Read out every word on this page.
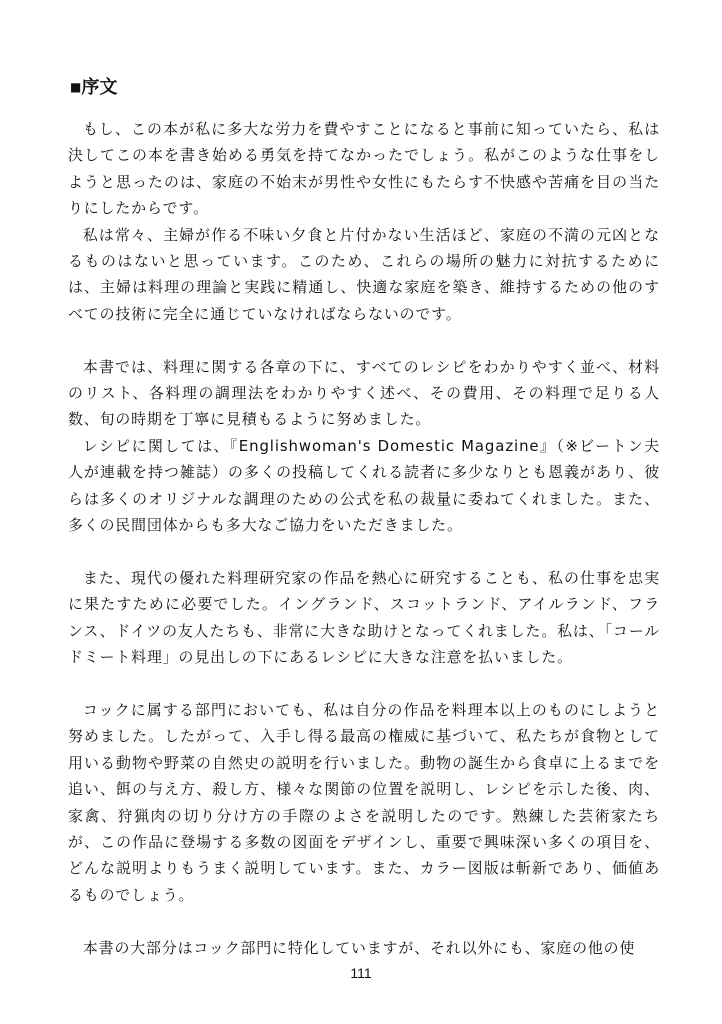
■序文

もし、この本が私に多大な労力を費やすことになると事前に知っていたら、私は決してこの本を書き始める勇気を持てなかったでしょう。私がこのような仕事をしようと思ったのは、家庭の不始末が男性や女性にもたらす不快感や苦痛を目の当たりにしたからです。

私は常々、主婦が作る不味い夕食と片付かない生活ほど、家庭の不満の元凶となるものはないと思っています。このため、これらの場所の魅力に対抗するためには、主婦は料理の理論と実践に精通し、快適な家庭を築き、維持するための他のすべての技術に完全に通じていなければならないのです。

本書では、料理に関する各章の下に、すべてのレシピをわかりやすく並べ、材料のリスト、各料理の調理法をわかりやすく述べ、その費用、その料理で足りる人数、旬の時期を丁寧に見積もるように努めました。

レシピに関しては、『Englishwoman's Domestic Magazine』（※ビートン夫人が連載を持つ雑誌）の多くの投稿してくれる読者に多少なりとも恩義があり、彼らは多くのオリジナルな調理のための公式を私の裁量に委ねてくれました。また、多くの民間団体からも多大なご協力をいただきました。

また、現代の優れた料理研究家の作品を熱心に研究することも、私の仕事を忠実に果たすために必要でした。イングランド、スコットランド、アイルランド、フランス、ドイツの友人たちも、非常に大きな助けとなってくれました。私は、「コールドミート料理」の見出しの下にあるレシピに大きな注意を払いました。

コックに属する部門においても、私は自分の作品を料理本以上のものにしようと努めました。したがって、入手し得る最高の権威に基づいて、私たちが食物として用いる動物や野菜の自然史の説明を行いました。動物の誕生から食卓に上るまでを追い、餌の与え方、殺し方、様々な関節の位置を説明し、レシピを示した後、肉、家禽、狩猟肉の切り分け方の手際のよさを説明したのです。熟練した芸術家たちが、この作品に登場する多数の図面をデザインし、重要で興味深い多くの項目を、どんな説明よりもうまく説明しています。また、カラー図版は斬新であり、価値あるものでしょう。

本書の大部分はコック部門に特化していますが、それ以外にも、家庭の他の使

111
